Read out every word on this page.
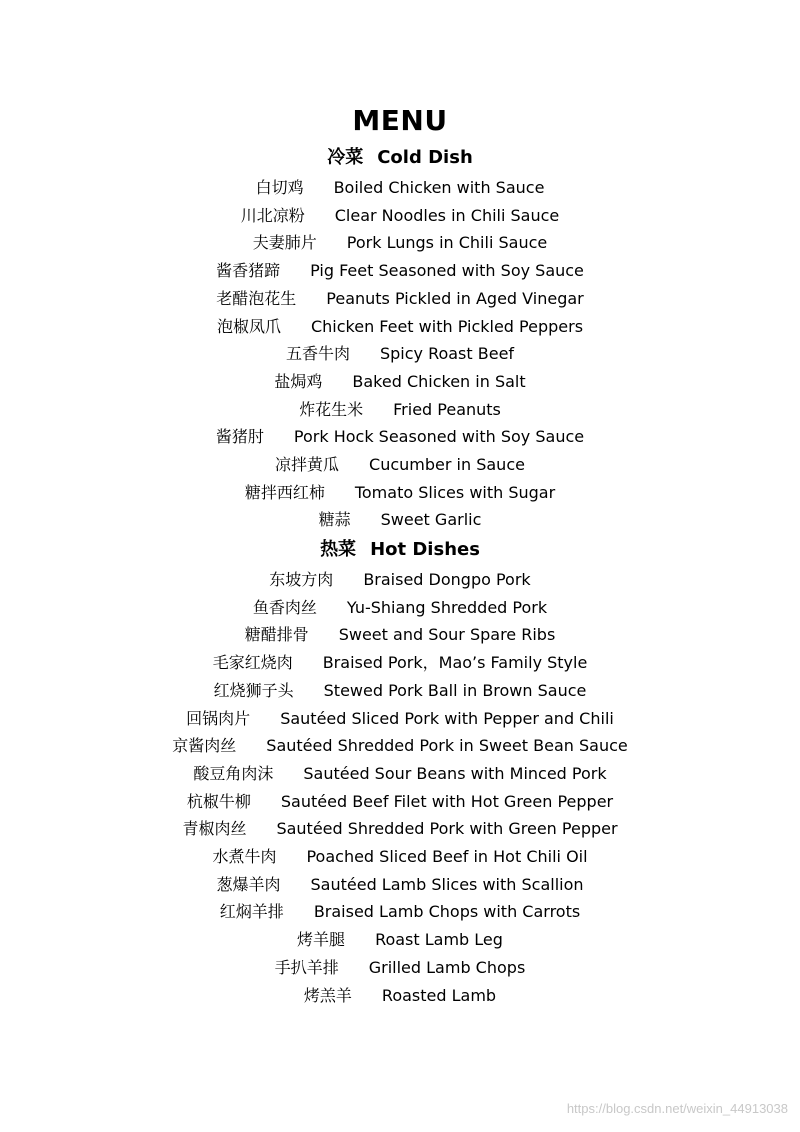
MENU
冷菜 Cold Dish
白切鸡 Boiled Chicken with Sauce
川北凉粉 Clear Noodles in Chili Sauce
夫妻肺片 Pork Lungs in Chili Sauce
酱香猪蹄 Pig Feet Seasoned with Soy Sauce
老醋泡花生 Peanuts Pickled in Aged Vinegar
泡椒凤爪 Chicken Feet with Pickled Peppers
五香牛肉 Spicy Roast Beef
盐焗鸡 Baked Chicken in Salt
炸花生米 Fried Peanuts
酱猪肘 Pork Hock Seasoned with Soy Sauce
凉拌黄瓜 Cucumber in Sauce
糖拌西红柿 Tomato Slices with Sugar
糖蒜 Sweet Garlic
热菜 Hot Dishes
东坡方肉 Braised Dongpo Pork
鱼香肉丝 Yu-Shiang Shredded Pork
糖醋排骨 Sweet and Sour Spare Ribs
毛家红烧肉 Braised Pork，Mao’s Family Style
红烧狮子头 Stewed Pork Ball in Brown Sauce
回锅肉片 Sautéed Sliced Pork with Pepper and Chili
京酱肉丝 Sautéed Shredded Pork in Sweet Bean Sauce
酸豆角肉沫 Sautéed Sour Beans with Minced Pork
杭椒牛柳 Sautéed Beef Filet with Hot Green Pepper
青椒肉丝 Sautéed Shredded Pork with Green Pepper
水煮牛肉 Poached Sliced Beef in Hot Chili Oil
葱爆羊肉 Sautéed Lamb Slices with Scallion
红焖羊排 Braised Lamb Chops with Carrots
烤羊腿 Roast Lamb Leg
手扒羊排 Grilled Lamb Chops
烤羔羊 Roasted Lamb
https://blog.csdn.net/weixin_44913038
